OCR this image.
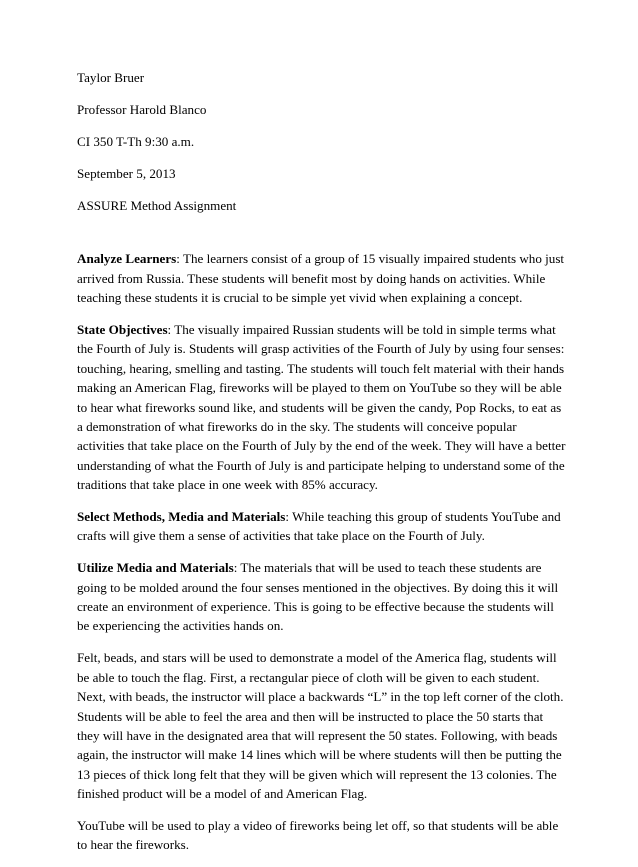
Taylor Bruer

Professor Harold Blanco

CI 350 T-Th 9:30 a.m.

September 5, 2013

ASSURE Method Assignment

Analyze Learners: The learners consist of a group of 15 visually impaired students who just arrived from Russia. These students will benefit most by doing hands on activities. While teaching these students it is crucial to be simple yet vivid when explaining a concept.

State Objectives: The visually impaired Russian students will be told in simple terms what the Fourth of July is. Students will grasp activities of the Fourth of July by using four senses: touching, hearing, smelling and tasting. The students will touch felt material with their hands making an American Flag, fireworks will be played to them on YouTube so they will be able to hear what fireworks sound like, and students will be given the candy, Pop Rocks, to eat as a demonstration of what fireworks do in the sky. The students will conceive popular activities that take place on the Fourth of July by the end of the week. They will have a better understanding of what the Fourth of July is and participate helping to understand some of the traditions that take place in one week with 85% accuracy.

Select Methods, Media and Materials: While teaching this group of students YouTube and crafts will give them a sense of activities that take place on the Fourth of July.

Utilize Media and Materials: The materials that will be used to teach these students are going to be molded around the four senses mentioned in the objectives. By doing this it will create an environment of experience. This is going to be effective because the students will be experiencing the activities hands on.

Felt, beads, and stars will be used to demonstrate a model of the America flag, students will be able to touch the flag. First, a rectangular piece of cloth will be given to each student. Next, with beads, the instructor will place a backwards “L” in the top left corner of the cloth. Students will be able to feel the area and then will be instructed to place the 50 starts that they will have in the designated area that will represent the 50 states. Following, with beads again, the instructor will make 14 lines which will be where students will then be putting the 13 pieces of thick long felt that they will be given which will represent the 13 colonies. The finished product will be a model of and American Flag.

YouTube will be used to play a video of fireworks being let off, so that students will be able to hear the fireworks.
